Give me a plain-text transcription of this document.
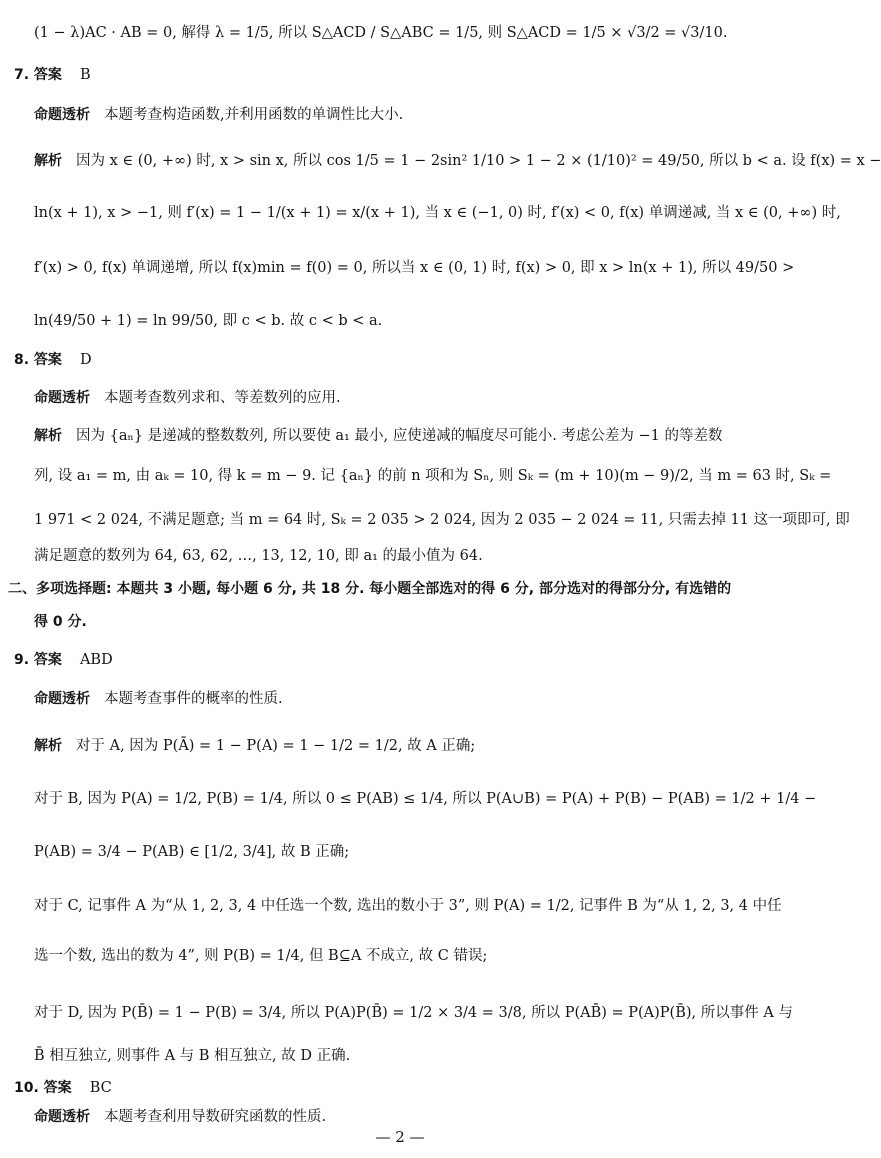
(1 − λ)AC · AB = 0, 解得 λ = 1/5, 所以 S△ACD / S△ABC = 1/5, 则 S△ACD = 1/5 × √3/2 = √3/10.
7. 答案 B
命题透析 本题考查构造函数,并利用函数的单调性比大小.
解析 因为 x ∈ (0, +∞) 时, x > sin x, 所以 cos 1/5 = 1 − 2sin² 1/10 > 1 − 2 × (1/10)² = 49/50, 所以 b < a. 设 f(x) = x −
ln(x + 1), x > −1, 则 f′(x) = 1 − 1/(x + 1) = x/(x + 1), 当 x ∈ (−1, 0) 时, f′(x) < 0, f(x) 单调递减, 当 x ∈ (0, +∞) 时,
f′(x) > 0, f(x) 单调递增, 所以 f(x)min = f(0) = 0, 所以当 x ∈ (0, 1) 时, f(x) > 0, 即 x > ln(x + 1), 所以 49/50 >
ln(49/50 + 1) = ln 99/50, 即 c < b. 故 c < b < a.
8. 答案 D
命题透析 本题考查数列求和、等差数列的应用.
解析 因为 {aₙ} 是递减的整数数列, 所以要使 a₁ 最小, 应使递减的幅度尽可能小. 考虑公差为 −1 的等差数
列, 设 a₁ = m, 由 aₖ = 10, 得 k = m − 9. 记 {aₙ} 的前 n 项和为 Sₙ, 则 Sₖ = (m + 10)(m − 9)/2, 当 m = 63 时, Sₖ =
1 971 < 2 024, 不满足题意; 当 m = 64 时, Sₖ = 2 035 > 2 024, 因为 2 035 − 2 024 = 11, 只需去掉 11 这一项即可, 即
满足题意的数列为 64, 63, 62, …, 13, 12, 10, 即 a₁ 的最小值为 64.
二、多项选择题: 本题共 3 小题, 每小题 6 分, 共 18 分. 每小题全部选对的得 6 分, 部分选对的得部分分, 有选错的
得 0 分.
9. 答案 ABD
命题透析 本题考查事件的概率的性质.
解析 对于 A, 因为 P(Ā) = 1 − P(A) = 1 − 1/2 = 1/2, 故 A 正确;
对于 B, 因为 P(A) = 1/2, P(B) = 1/4, 所以 0 ≤ P(AB) ≤ 1/4, 所以 P(A∪B) = P(A) + P(B) − P(AB) = 1/2 + 1/4 −
P(AB) = 3/4 − P(AB) ∈ [1/2, 3/4], 故 B 正确;
对于 C, 记事件 A 为“从 1, 2, 3, 4 中任选一个数, 选出的数小于 3”, 则 P(A) = 1/2, 记事件 B 为“从 1, 2, 3, 4 中任
选一个数, 选出的数为 4”, 则 P(B) = 1/4, 但 B⊆A 不成立, 故 C 错误;
对于 D, 因为 P(B̄) = 1 − P(B) = 3/4, 所以 P(A)P(B̄) = 1/2 × 3/4 = 3/8, 所以 P(AB̄) = P(A)P(B̄), 所以事件 A 与
B̄ 相互独立, 则事件 A 与 B 相互独立, 故 D 正确.
10. 答案 BC
命题透析 本题考查利用导数研究函数的性质.
— 2 —
